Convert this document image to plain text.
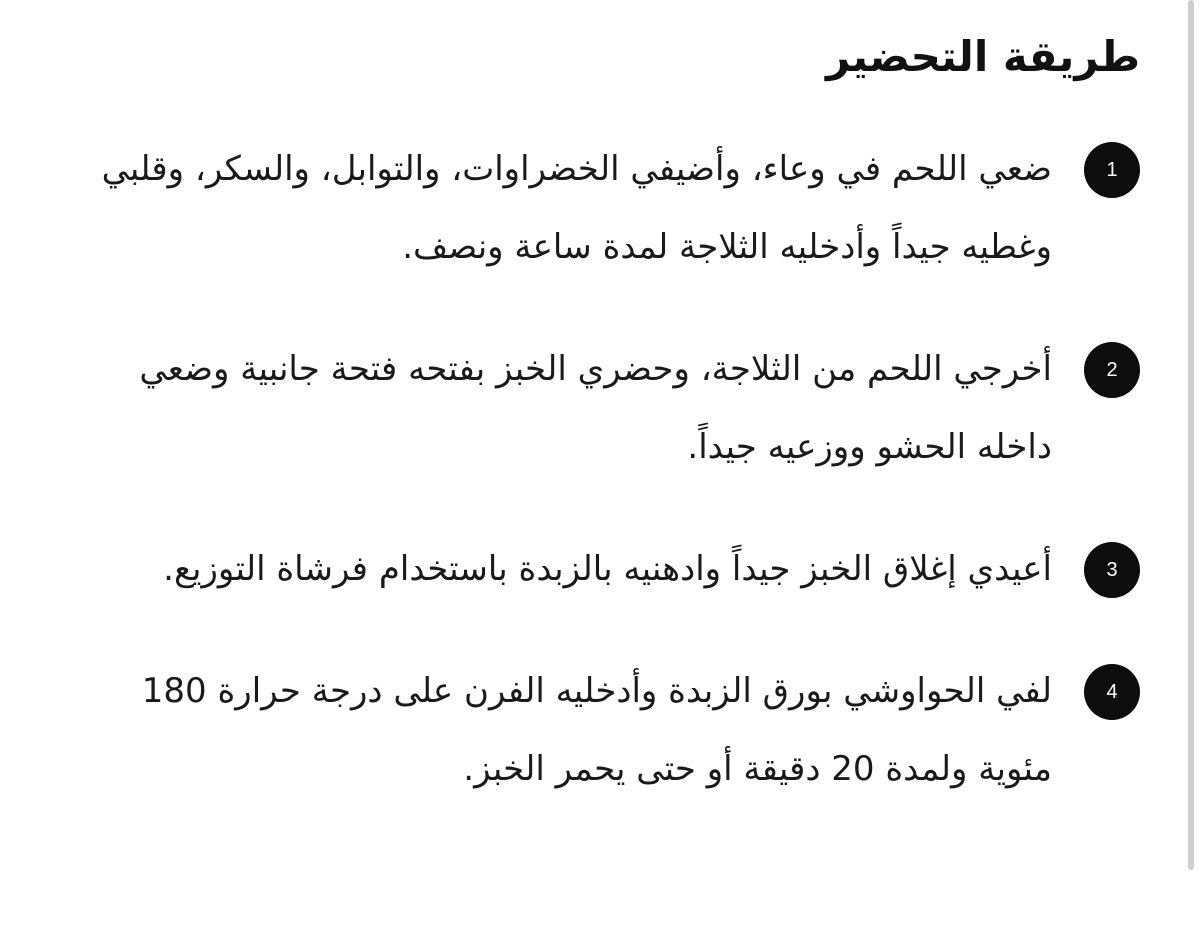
طريقة التحضير
1
ضعي اللحم في وعاء، وأضيفي الخضراوات، والتوابل، والسكر، وقلبي وغطيه جيداً وأدخليه الثلاجة لمدة ساعة ونصف.
2
أخرجي اللحم من الثلاجة، وحضري الخبز بفتحه فتحة جانبية وضعي داخله الحشو ووزعيه جيداً.
3
أعيدي إغلاق الخبز جيداً وادهنيه بالزبدة باستخدام فرشاة التوزيع.
4
لفي الحواوشي بورق الزبدة وأدخليه الفرن على درجة حرارة 180 مئوية ولمدة 20 دقيقة أو حتى يحمر الخبز.
